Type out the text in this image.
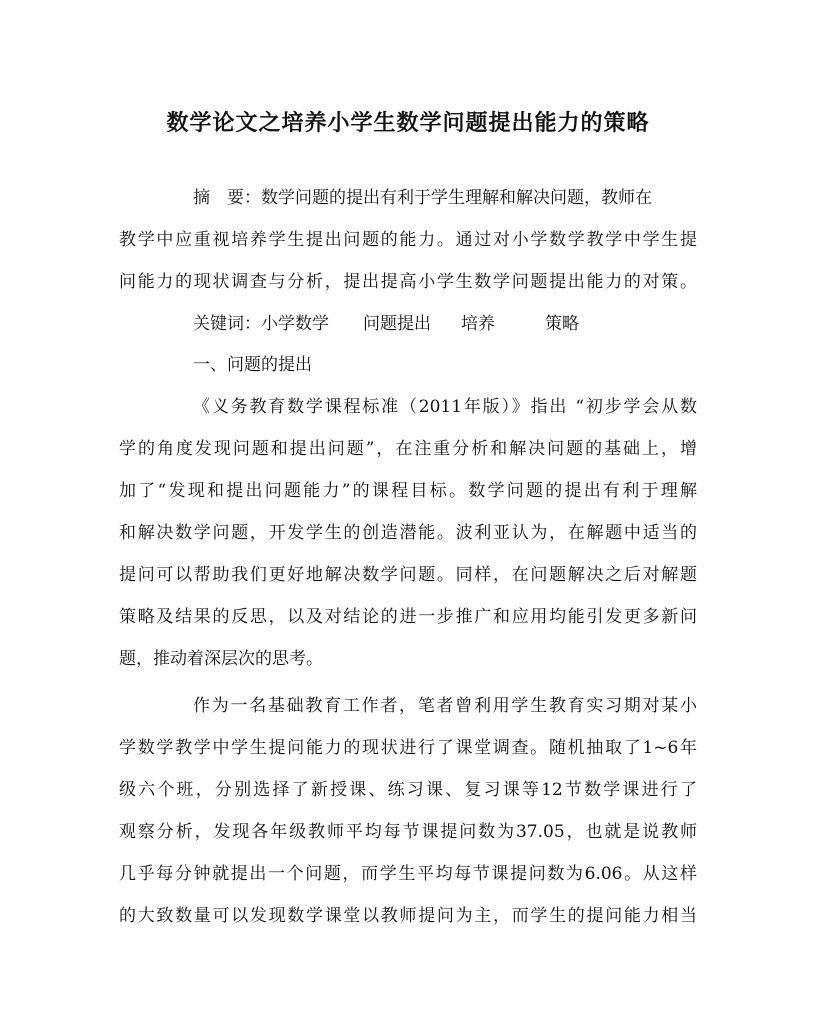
数学论文之培养小学生数学问题提出能力的策略
摘　要：数学问题的提出有利于学生理解和解决问题，教师在
教学中应重视培养学生提出问题的能力。通过对小学数学教学中学生提
问能力的现状调查与分析，提出提高小学生数学问题提出能力的对策。
关键词：小学数学 问题提出 培养	策略
一、问题的提出
《义务教育数学课程标准（2011年版）》指出 “初步学会从数
学的角度发现问题和提出问题”，在注重分析和解决问题的基础上，增
加了“发现和提出问题能力”的课程目标。数学问题的提出有利于理解
和解决数学问题，开发学生的创造潜能。波利亚认为，在解题中适当的
提问可以帮助我们更好地解决数学问题。同样，在问题解决之后对解题
策略及结果的反思，以及对结论的进一步推广和应用均能引发更多新问
题，推动着深层次的思考。
作为一名基础教育工作者，笔者曾利用学生教育实习期对某小
学数学教学中学生提问能力的现状进行了课堂调查。随机抽取了1~6年
级六个班，分别选择了新授课、练习课、复习课等12节数学课进行了
观察分析，发现各年级教师平均每节课提问数为37.05，也就是说教师
几乎每分钟就提出一个问题，而学生平均每节课提问数为6.06。从这样
的大致数量可以发现数学课堂以教师提问为主，而学生的提问能力相当
